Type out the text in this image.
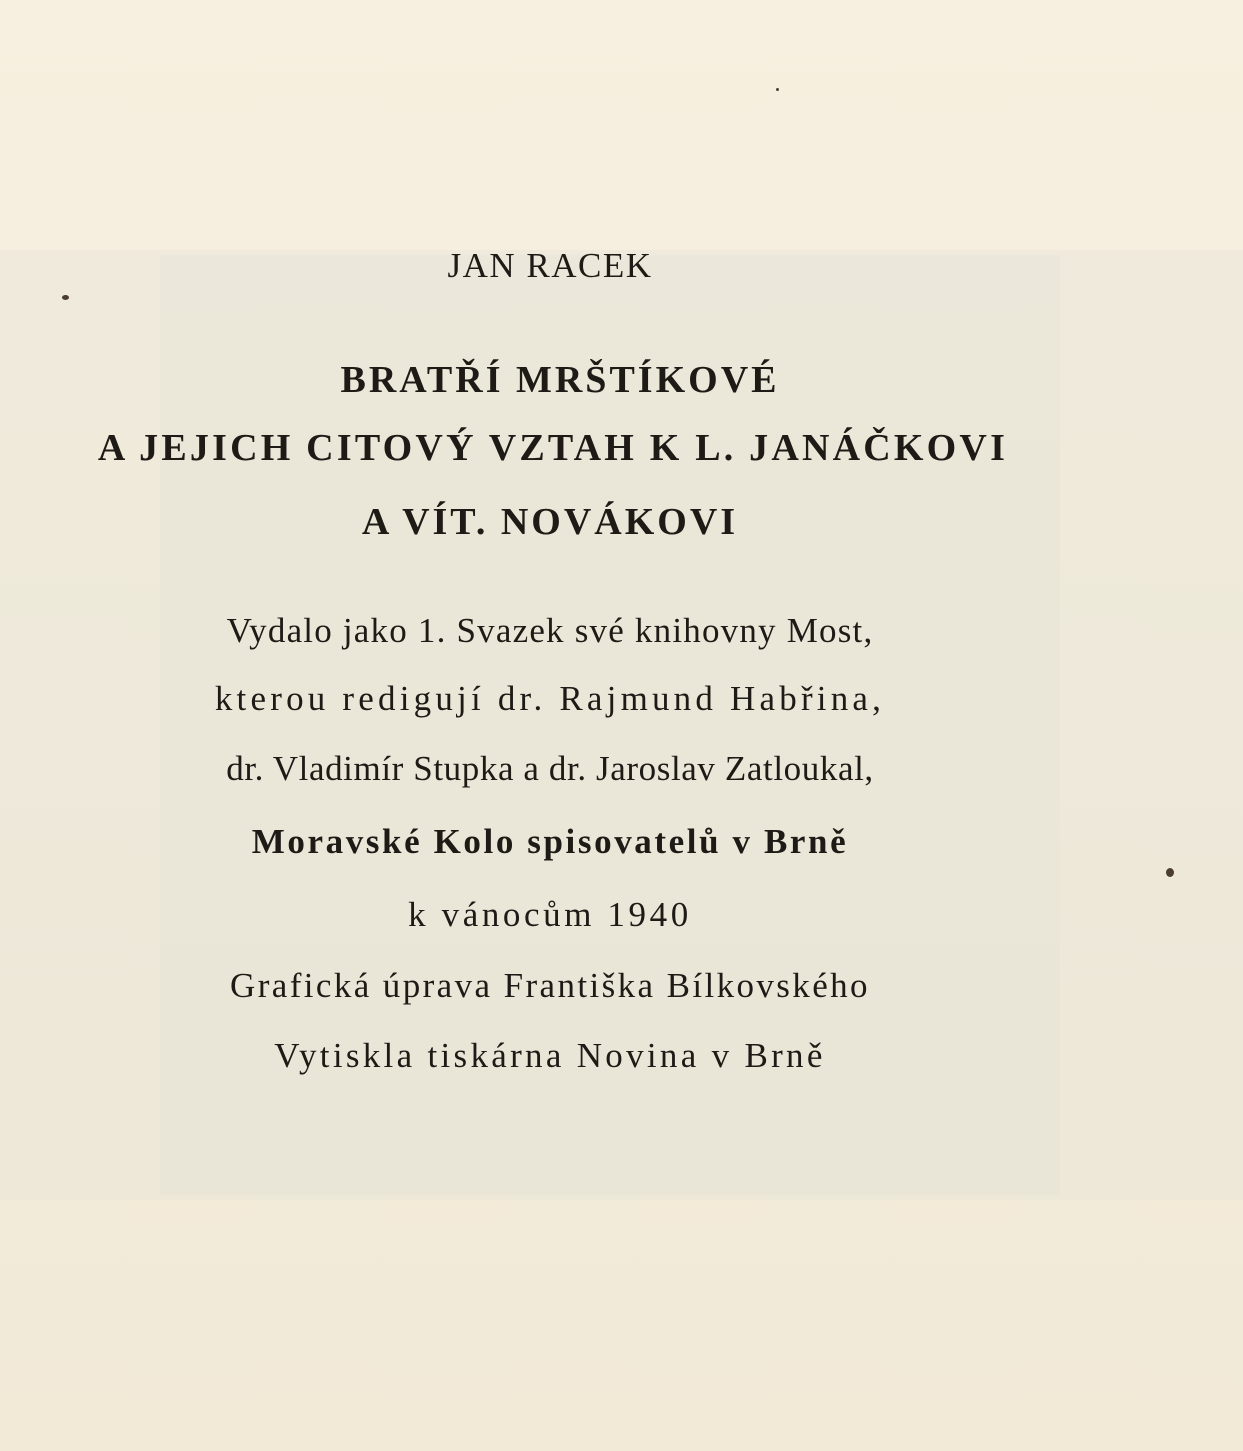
JAN RACEK
BRATŘÍ MRŠTÍKOVÉ
A JEJICH CITOVÝ VZTAH K L. JANÁČKOVI
A VÍT. NOVÁKOVI
Vydalo jako 1. Svazek své knihovny Most,
kterou redigují dr. Rajmund Habřina,
dr. Vladimír Stupka a dr. Jaroslav Zatloukal,
Moravské Kolo spisovatelů v Brně
k vánocům 1940
Grafická úprava Františka Bílkovského
Vytiskla tiskárna Novina v Brně
